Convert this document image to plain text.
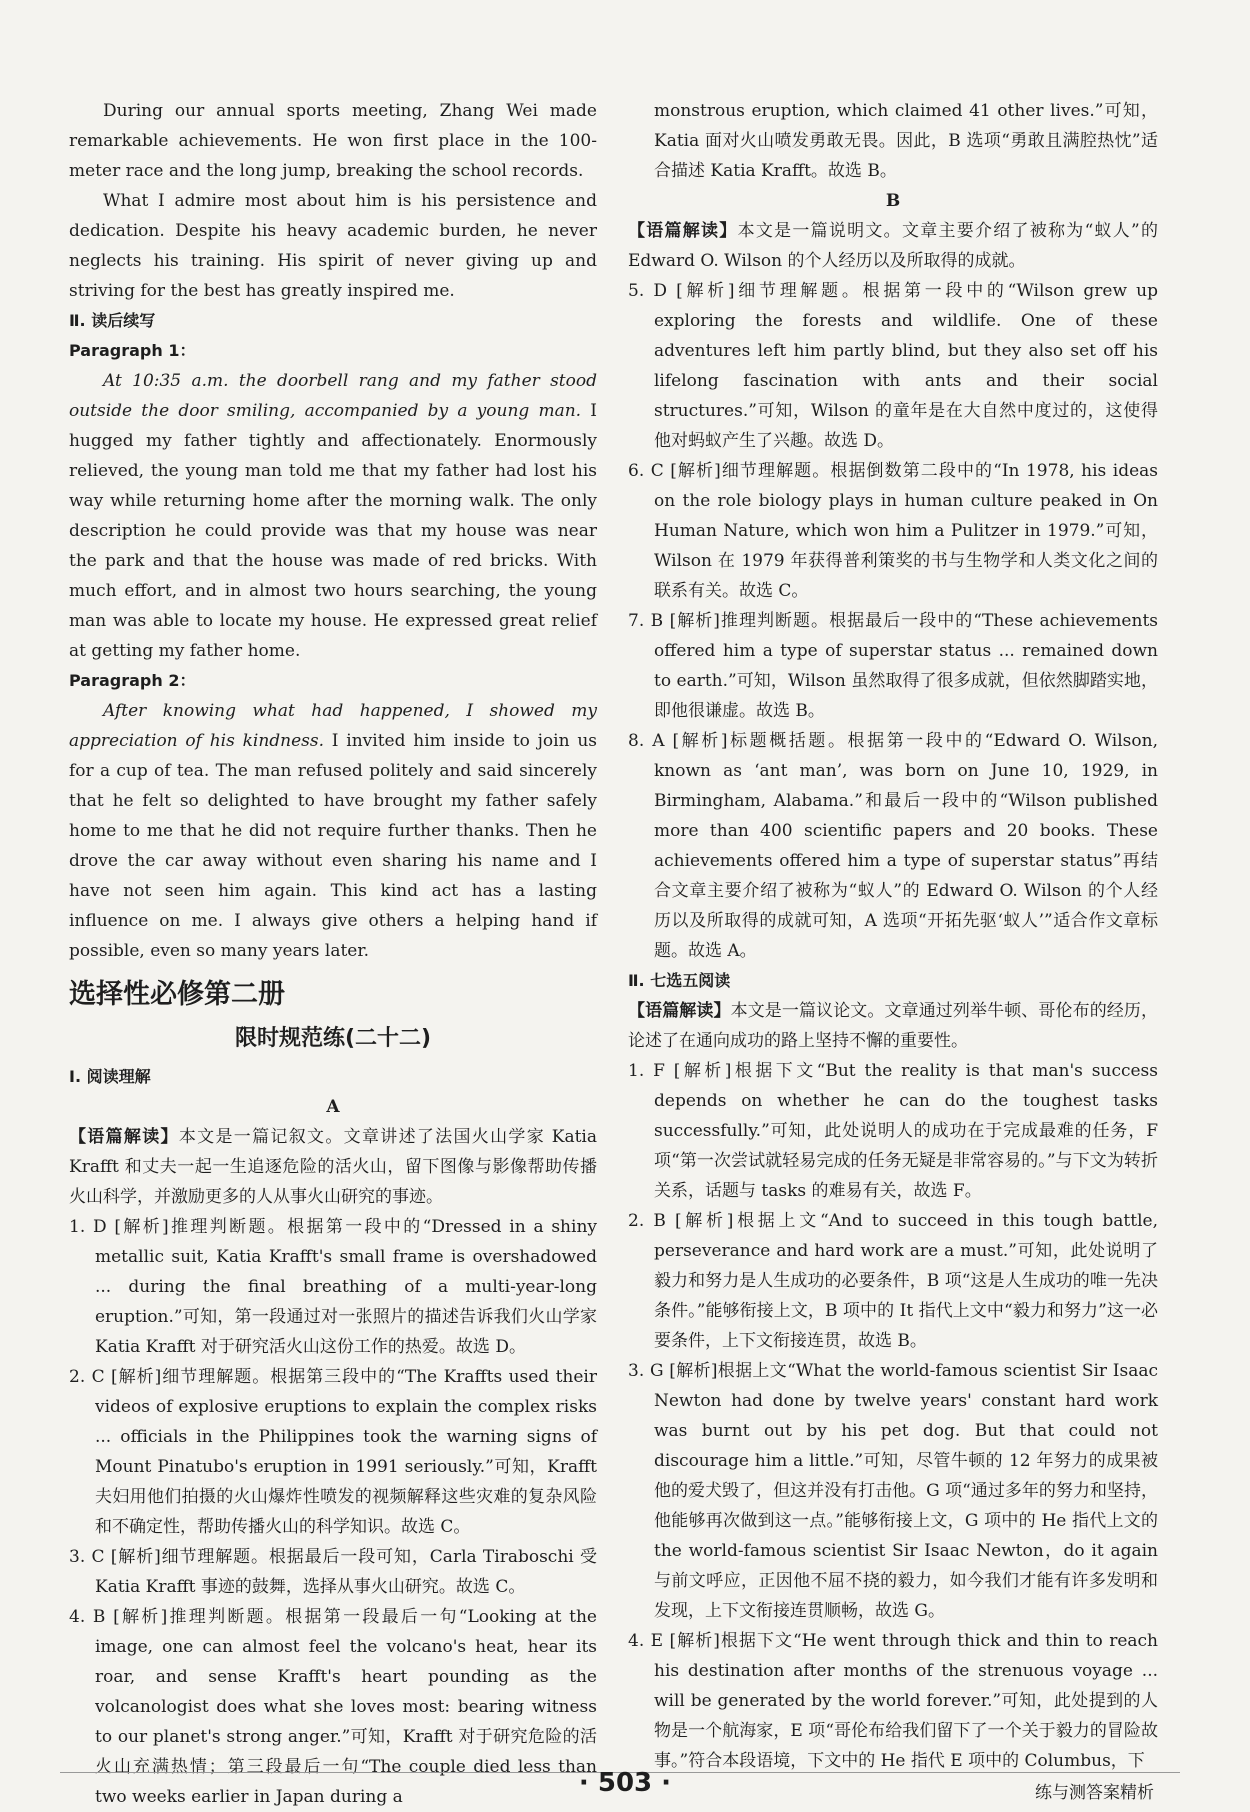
During our annual sports meeting, Zhang Wei made remarkable achievements. He won first place in the 100-meter race and the long jump, breaking the school records.

What I admire most about him is his persistence and dedication. Despite his heavy academic burden, he never neglects his training. His spirit of never giving up and striving for the best has greatly inspired me.

Ⅱ. 读后续写

Paragraph 1：

At 10:35 a.m. the doorbell rang and my father stood outside the door smiling, accompanied by a young man. I hugged my father tightly and affectionately. Enormously relieved, the young man told me that my father had lost his way while returning home after the morning walk. The only description he could provide was that my house was near the park and that the house was made of red bricks. With much effort, and in almost two hours searching, the young man was able to locate my house. He expressed great relief at getting my father home.

Paragraph 2：

After knowing what had happened, I showed my appreciation of his kindness. I invited him inside to join us for a cup of tea. The man refused politely and said sincerely that he felt so delighted to have brought my father safely home to me that he did not require further thanks. Then he drove the car away without even sharing his name and I have not seen him again. This kind act has a lasting influence on me. I always give others a helping hand if possible, even so many years later.

选择性必修第二册

限时规范练(二十二)

Ⅰ. 阅读理解

A

【语篇解读】本文是一篇记叙文。文章讲述了法国火山学家 Katia Krafft 和丈夫一起一生追逐危险的活火山，留下图像与影像帮助传播火山科学，并激励更多的人从事火山研究的事迹。

1. D [解析]推理判断题。根据第一段中的“Dressed in a shiny metallic suit, Katia Krafft's small frame is overshadowed ... during the final breathing of a multi-year-long eruption.”可知，第一段通过对一张照片的描述告诉我们火山学家 Katia Krafft 对于研究活火山这份工作的热爱。故选 D。

2. C [解析]细节理解题。根据第三段中的“The Kraffts used their videos of explosive eruptions to explain the complex risks ... officials in the Philippines took the warning signs of Mount Pinatubo's eruption in 1991 seriously.”可知，Krafft 夫妇用他们拍摄的火山爆炸性喷发的视频解释这些灾难的复杂风险和不确定性，帮助传播火山的科学知识。故选 C。

3. C [解析]细节理解题。根据最后一段可知，Carla Tiraboschi 受 Katia Krafft 事迹的鼓舞，选择从事火山研究。故选 C。

4. B [解析]推理判断题。根据第一段最后一句“Looking at the image, one can almost feel the volcano's heat, hear its roar, and sense Krafft's heart pounding as the volcanologist does what she loves most: bearing witness to our planet's strong anger.”可知，Krafft 对于研究危险的活火山充满热情；第三段最后一句“The couple died less than two weeks earlier in Japan during a

monstrous eruption, which claimed 41 other lives.”可知，Katia 面对火山喷发勇敢无畏。因此，B 选项“勇敢且满腔热忱”适合描述 Katia Krafft。故选 B。

B

【语篇解读】本文是一篇说明文。文章主要介绍了被称为“蚁人”的 Edward O. Wilson 的个人经历以及所取得的成就。

5. D [解析]细节理解题。根据第一段中的“Wilson grew up exploring the forests and wildlife. One of these adventures left him partly blind, but they also set off his lifelong fascination with ants and their social structures.”可知，Wilson 的童年是在大自然中度过的，这使得他对蚂蚁产生了兴趣。故选 D。

6. C [解析]细节理解题。根据倒数第二段中的“In 1978, his ideas on the role biology plays in human culture peaked in On Human Nature, which won him a Pulitzer in 1979.”可知，Wilson 在 1979 年获得普利策奖的书与生物学和人类文化之间的联系有关。故选 C。

7. B [解析]推理判断题。根据最后一段中的“These achievements offered him a type of superstar status ... remained down to earth.”可知，Wilson 虽然取得了很多成就，但依然脚踏实地，即他很谦虚。故选 B。

8. A [解析]标题概括题。根据第一段中的“Edward O. Wilson, known as ‘ant man’, was born on June 10, 1929, in Birmingham, Alabama.”和最后一段中的“Wilson published more than 400 scientific papers and 20 books. These achievements offered him a type of superstar status”再结合文章主要介绍了被称为“蚁人”的 Edward O. Wilson 的个人经历以及所取得的成就可知，A 选项“开拓先驱‘蚁人’”适合作文章标题。故选 A。

Ⅱ. 七选五阅读

【语篇解读】本文是一篇议论文。文章通过列举牛顿、哥伦布的经历，论述了在通向成功的路上坚持不懈的重要性。

1. F [解析]根据下文“But the reality is that man's success depends on whether he can do the toughest tasks successfully.”可知，此处说明人的成功在于完成最难的任务，F 项“第一次尝试就轻易完成的任务无疑是非常容易的。”与下文为转折关系，话题与 tasks 的难易有关，故选 F。

2. B [解析]根据上文“And to succeed in this tough battle, perseverance and hard work are a must.”可知，此处说明了毅力和努力是人生成功的必要条件，B 项“这是人生成功的唯一先决条件。”能够衔接上文，B 项中的 It 指代上文中“毅力和努力”这一必要条件，上下文衔接连贯，故选 B。

3. G [解析]根据上文“What the world-famous scientist Sir Isaac Newton had done by twelve years' constant hard work was burnt out by his pet dog. But that could not discourage him a little.”可知，尽管牛顿的 12 年努力的成果被他的爱犬毁了，但这并没有打击他。G 项“通过多年的努力和坚持，他能够再次做到这一点。”能够衔接上文，G 项中的 He 指代上文的 the world-famous scientist Sir Isaac Newton，do it again 与前文呼应，正因他不屈不挠的毅力，如今我们才能有许多发明和发现，上下文衔接连贯顺畅，故选 G。

4. E [解析]根据下文“He went through thick and thin to reach his destination after months of the strenuous voyage ... will be generated by the world forever.”可知，此处提到的人物是一个航海家，E 项“哥伦布给我们留下了一个关于毅力的冒险故事。”符合本段语境，下文中的 He 指代 E 项中的 Columbus，下

· 503 ·	练与测答案精析
